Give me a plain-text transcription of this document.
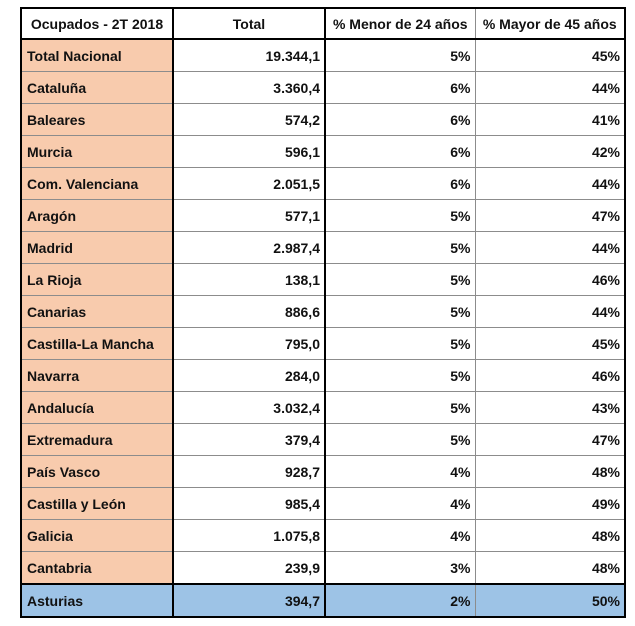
Ocupados - 2T 2018	Total	% Menor de 24 años	% Mayor de 45 años
Total Nacional	19.344,1	5%	45%
Cataluña	3.360,4	6%	44%
Baleares	574,2	6%	41%
Murcia	596,1	6%	42%
Com. Valenciana	2.051,5	6%	44%
Aragón	577,1	5%	47%
Madrid	2.987,4	5%	44%
La Rioja	138,1	5%	46%
Canarias	886,6	5%	44%
Castilla-La Mancha	795,0	5%	45%
Navarra	284,0	5%	46%
Andalucía	3.032,4	5%	43%
Extremadura	379,4	5%	47%
País Vasco	928,7	4%	48%
Castilla y León	985,4	4%	49%
Galicia	1.075,8	4%	48%
Cantabria	239,9	3%	48%
Asturias	394,7	2%	50%
